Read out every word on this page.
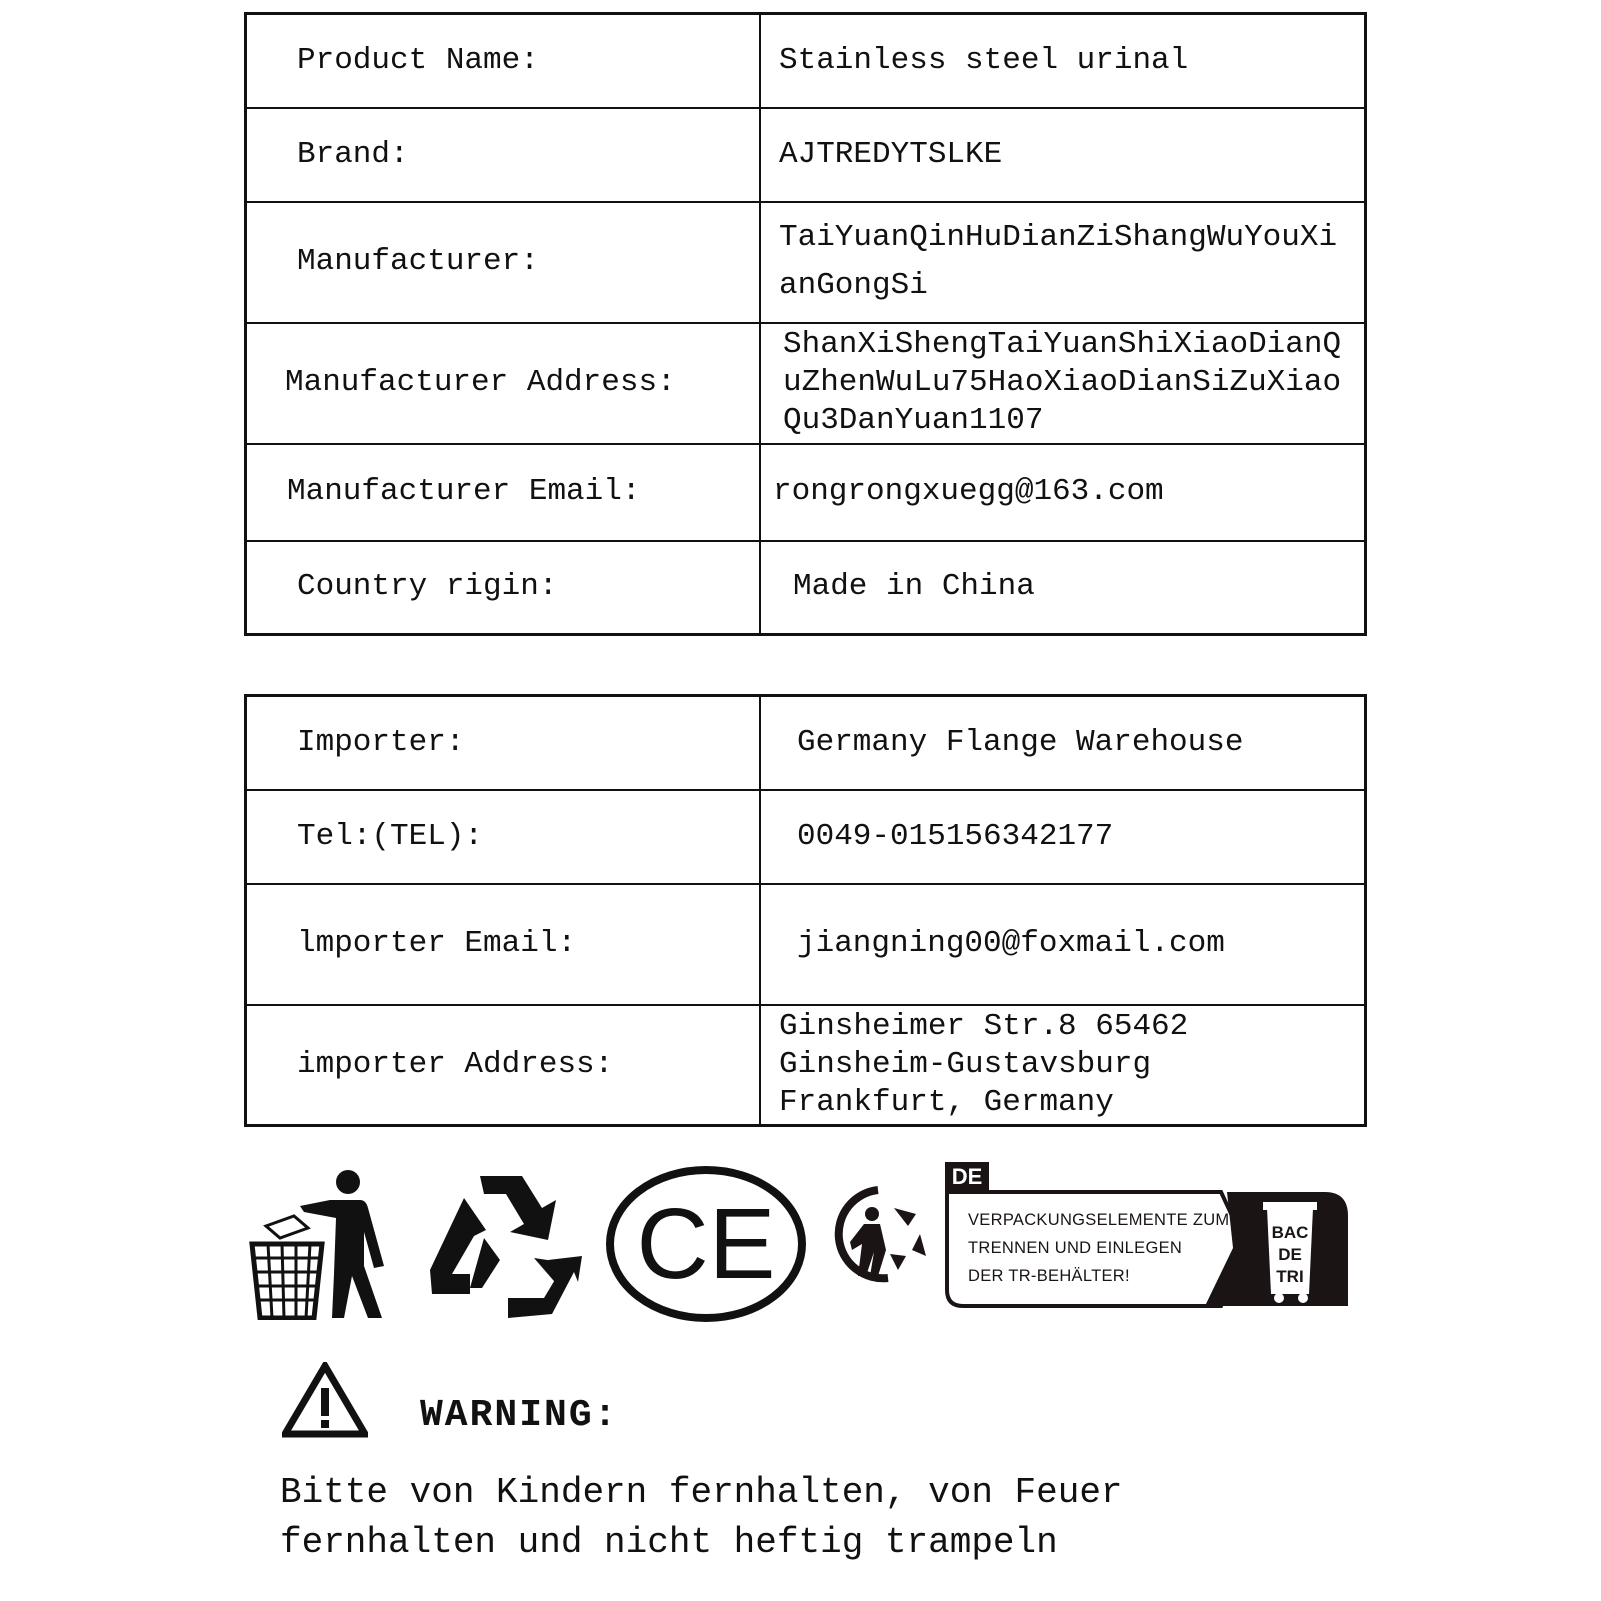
Product Name:	Stainless steel urinal
Brand:	AJTREDYTSLKE
Manufacturer:	TaiYuanQinHuDianZiShangWuYouXianGongSi
Manufacturer Address:	ShanXiShengTaiYuanShiXiaoDianQuZhenWuLu75HaoXiaoDianSiZuXiaoQu3DanYuan1107
Manufacturer Email:	rongrongxuegg@163.com
Country rigin:	Made in China
Importer:	Germany Flange Warehouse
Tel:(TEL):	0049-015156342177
lmporter Email:	jiangning00@foxmail.com
importer Address:	Ginsheimer Str.8 65462 Ginsheim-Gustavsburg Frankfurt, Germany
CE
DE
BAC
DE
TRI
VERPACKUNGSELEMENTE ZUM
TRENNEN UND EINLEGEN
DER TR-BEHÄLTER!
WARNING:
Bitte von Kindern fernhalten, von Feuer
fernhalten und nicht heftig trampeln
